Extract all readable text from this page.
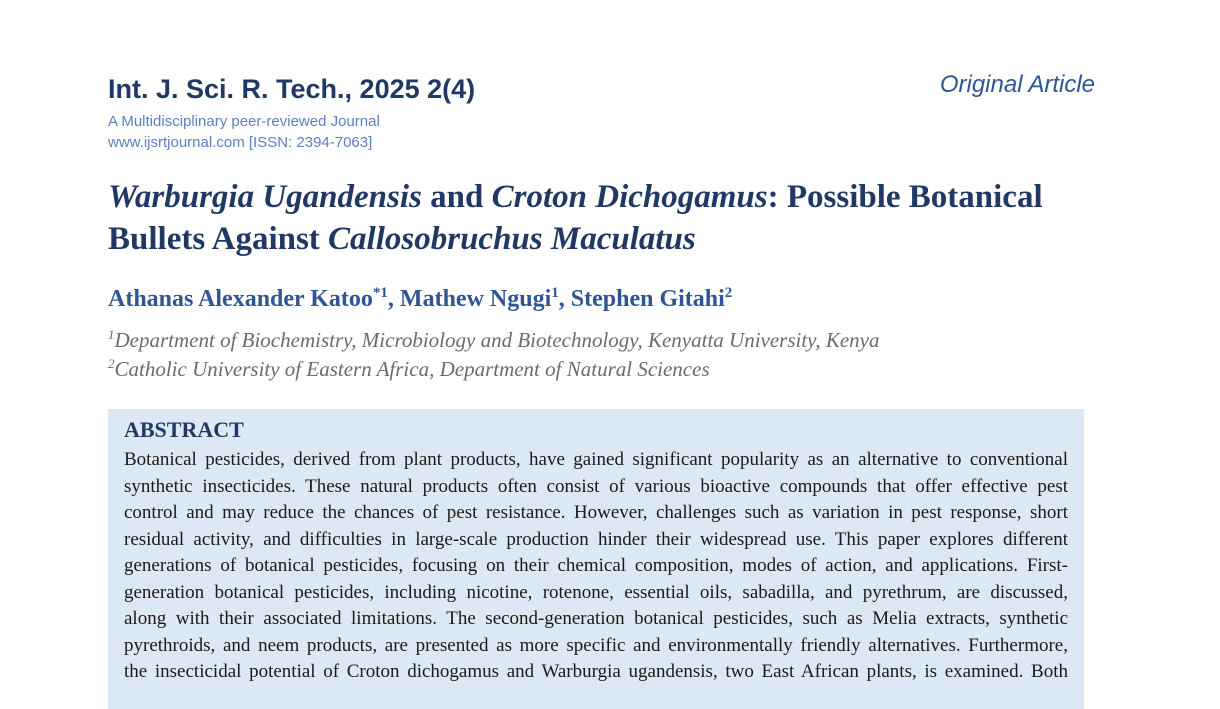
Int. J. Sci. R. Tech., 2025 2(4)	Original Article
A Multidisciplinary peer-reviewed Journal
www.ijsrtjournal.com [ISSN: 2394-7063]
Warburgia Ugandensis and Croton Dichogamus: Possible Botanical Bullets Against Callosobruchus Maculatus
Athanas Alexander Katoo$^{*1}$, Mathew Ngugi$^1$, Stephen Gitahi$^2$
$^1$Department of Biochemistry, Microbiology and Biotechnology, Kenyatta University, Kenya
$^2$Catholic University of Eastern Africa, Department of Natural Sciences
ABSTRACT
Botanical pesticides, derived from plant products, have gained significant popularity as an alternative to conventional
synthetic insecticides. These natural products often consist of various bioactive compounds that offer effective pest
control and may reduce the chances of pest resistance. However, challenges such as variation in pest response, short
residual activity, and difficulties in large-scale production hinder their widespread use. This paper explores different
generations of botanical pesticides, focusing on their chemical composition, modes of action, and applications. First-
generation botanical pesticides, including nicotine, rotenone, essential oils, sabadilla, and pyrethrum, are discussed,
along with their associated limitations. The second-generation botanical pesticides, such as Melia extracts, synthetic
pyrethroids, and neem products, are presented as more specific and environmentally friendly alternatives. Furthermore,
the insecticidal potential of Croton dichogamus and Warburgia ugandensis, two East African plants, is examined. Both
